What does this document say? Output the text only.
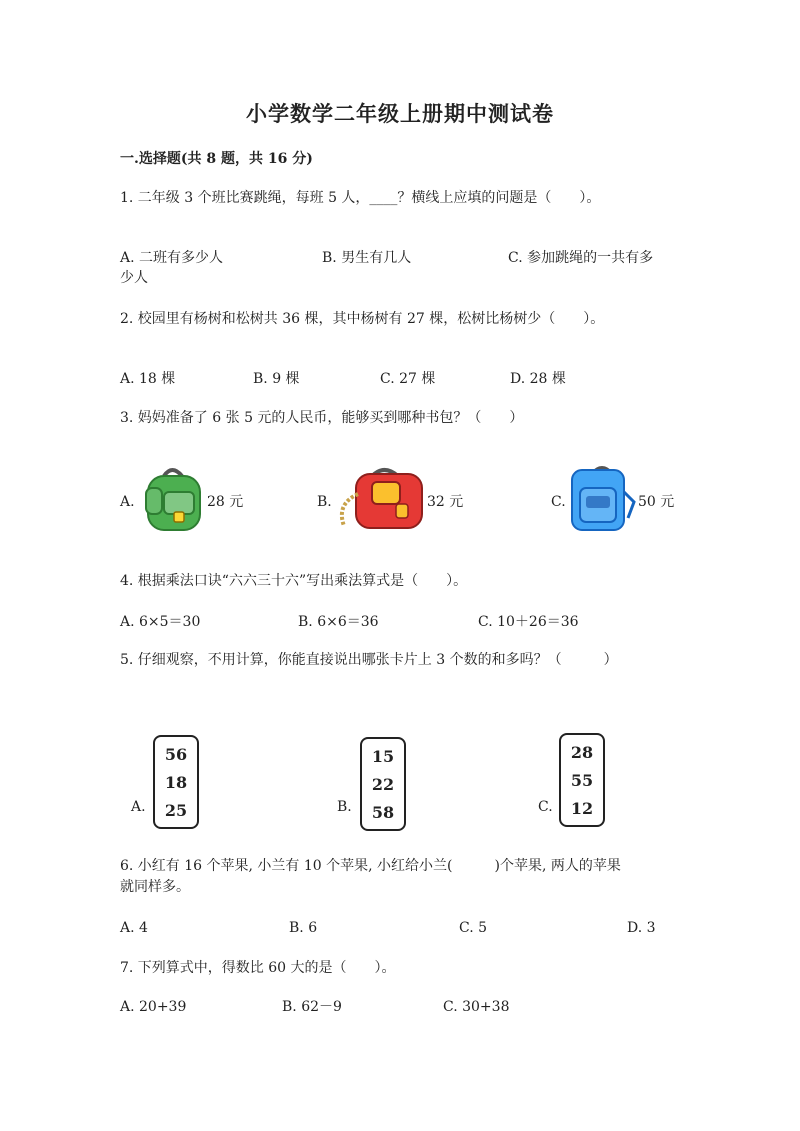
小学数学二年级上册期中测试卷
一.选择题(共 8 题，共 16 分)
1. 二年级 3 个班比赛跳绳，每班 5 人，____？横线上应填的问题是（　　）。
A. 二班有多少人	B. 男生有几人	C. 参加跳绳的一共有多
少人
2. 校园里有杨树和松树共 36 棵，其中杨树有 27 棵，松树比杨树少（　　）。
A. 18 棵	B. 9 棵	C. 27 棵	D. 28 棵
3. 妈妈准备了 6 张 5 元的人民币，能够买到哪种书包？（　　）
A.	28 元	B.	32 元	C.	50 元
4. 根据乘法口诀“六六三十六”写出乘法算式是（　　）。
A. 6×5＝30	B. 6×6＝36	C. 10＋26＝36
5. 仔细观察，不用计算，你能直接说出哪张卡片上 3 个数的和多吗？（　　　）
A.
56
18
25	B.
15
22
58	C.
28
55
12
6. 小红有 16 个苹果, 小兰有 10 个苹果, 小红给小兰(　　　)个苹果, 两人的苹果
就同样多。
A. 4	B. 6	C. 5	D. 3
7. 下列算式中，得数比 60 大的是（　　）。
A. 20+39	B. 62－9	C. 30+38
